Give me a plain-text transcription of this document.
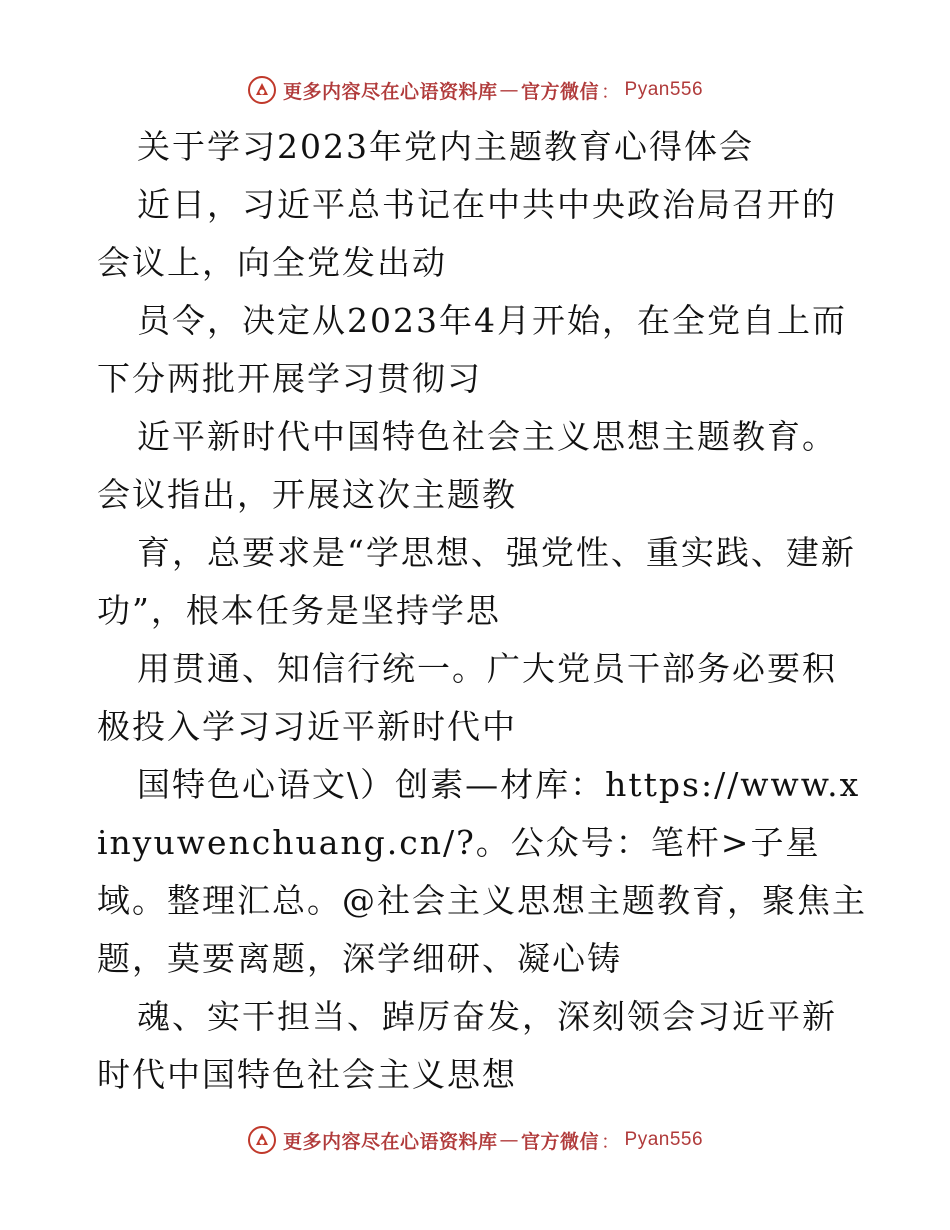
更多内容尽在心语资料库 — 官方微信 ： Pyan556

关于学习2023年党内主题教育心得体会

近日，习近平总书记在中共中央政治局召开的会议上，向全党发出动

员令，决定从2023年4月开始，在全党自上而下分两批开展学习贯彻习

近平新时代中国特色社会主义思想主题教育。会议指出，开展这次主题教

育，总要求是“学思想、强党性、重实践、建新功”，根本任务是坚持学思

用贯通、知信行统一。广大党员干部务必要积极投入学习习近平新时代中

国特色心语文\）创素—材库：https://www.xinyuwenchuang.cn/?。公众号：笔杆>子星域。整理汇总。@社会主义思想主题教育，聚焦主题，莫要离题，深学细研、凝心铸

魂、实干担当、踔厉奋发，深刻领会习近平新时代中国特色社会主义思想

更多内容尽在心语资料库 — 官方微信 ： Pyan556
